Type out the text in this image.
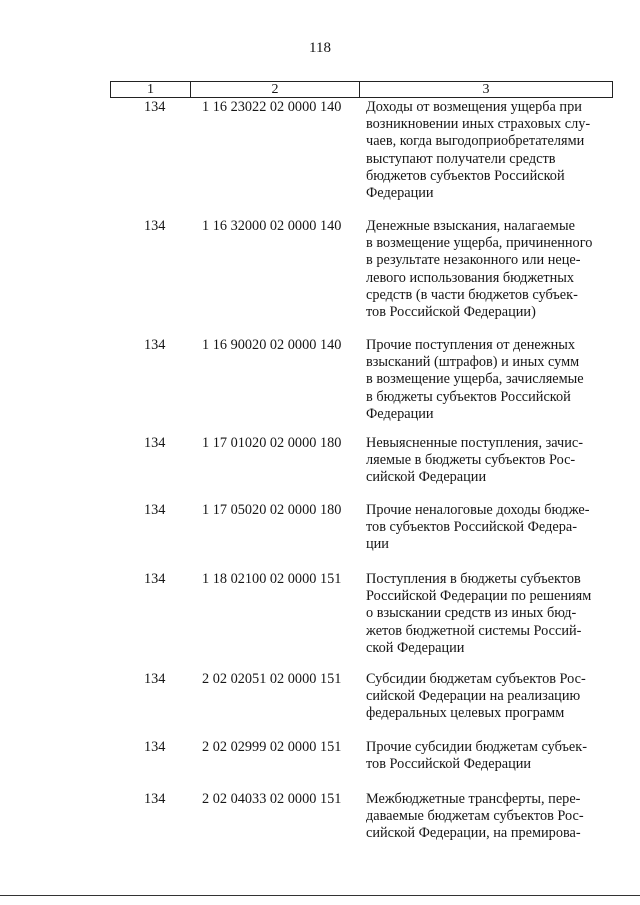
118
1	2	3
134	1 16 23022 02 0000 140 Доходы от возмещения ущерба при
возникновении иных страховых слу-
чаев, когда выгодоприобретателями
выступают получатели средств
бюджетов субъектов Российской
Федерации
134	1 16 32000 02 0000 140 Денежные взыскания, налагаемые
в возмещение ущерба, причиненного
в результате незаконного или неце-
левого использования бюджетных
средств (в части бюджетов субъек-
тов Российской Федерации)
134	1 16 90020 02 0000 140 Прочие поступления от денежных
взысканий (штрафов) и иных сумм
в возмещение ущерба, зачисляемые
в бюджеты субъектов Российской
Федерации
134	1 17 01020 02 0000 180 Невыясненные поступления, зачис-
ляемые в бюджеты субъектов Рос-
сийской Федерации
134	1 17 05020 02 0000 180 Прочие неналоговые доходы бюдже-
тов субъектов Российской Федера-
ции
134	1 18 02100 02 0000 151 Поступления в бюджеты субъектов
Российской Федерации по решениям
о взыскании средств из иных бюд-
жетов бюджетной системы Россий-
ской Федерации
134	2 02 02051 02 0000 151 Субсидии бюджетам субъектов Рос-
сийской Федерации на реализацию
федеральных целевых программ
134	2 02 02999 02 0000 151 Прочие субсидии бюджетам субъек-
тов Российской Федерации
134	2 02 04033 02 0000 151 Межбюджетные трансферты, пере-
даваемые бюджетам субъектов Рос-
сийской Федерации, на премирова-
